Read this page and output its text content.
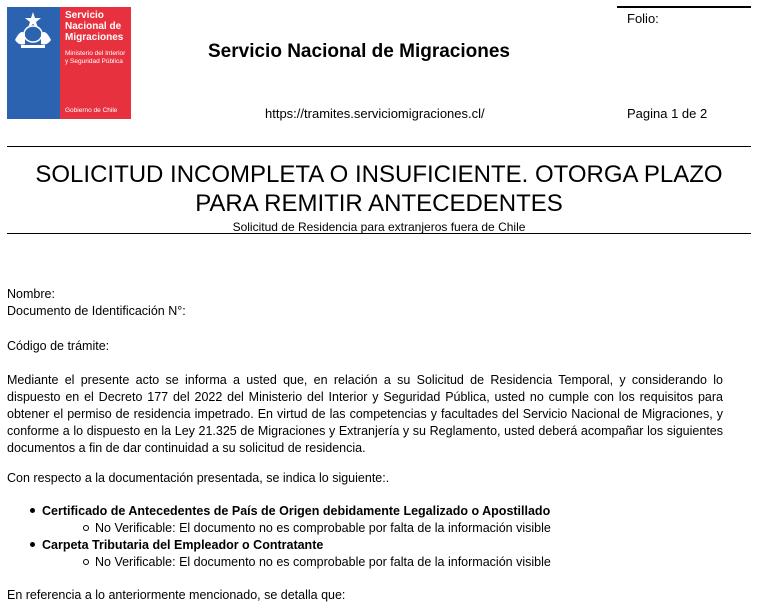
Servicio Nacional de Migraciones
Ministerio del Interior y Seguridad Pública
Gobierno de Chile
Servicio Nacional de Migraciones
https://tramites.serviciomigraciones.cl/
Folio:
Pagina 1 de 2
SOLICITUD INCOMPLETA O INSUFICIENTE. OTORGA PLAZO PARA REMITIR ANTECEDENTES
Solicitud de Residencia para extranjeros fuera de Chile
Nombre:
Documento de Identificación N°:
Código de trámite:
Mediante el presente acto se informa a usted que, en relación a su Solicitud de Residencia Temporal, y considerando lo dispuesto en el Decreto 177 del 2022 del Ministerio del Interior y Seguridad Pública, usted no cumple con los requisitos para obtener el permiso de residencia impetrado. En virtud de las competencias y facultades del Servicio Nacional de Migraciones, y conforme a lo dispuesto en la Ley 21.325 de Migraciones y Extranjería y su Reglamento, usted deberá acompañar los siguientes documentos a fin de dar continuidad a su solicitud de residencia.
Con respecto a la documentación presentada, se indica lo siguiente:.
Certificado de Antecedentes de País de Origen debidamente Legalizado o Apostillado
No Verificable: El documento no es comprobable por falta de la información visible
Carpeta Tributaria del Empleador o Contratante
No Verificable: El documento no es comprobable por falta de la información visible
En referencia a lo anteriormente mencionado, se detalla que:
